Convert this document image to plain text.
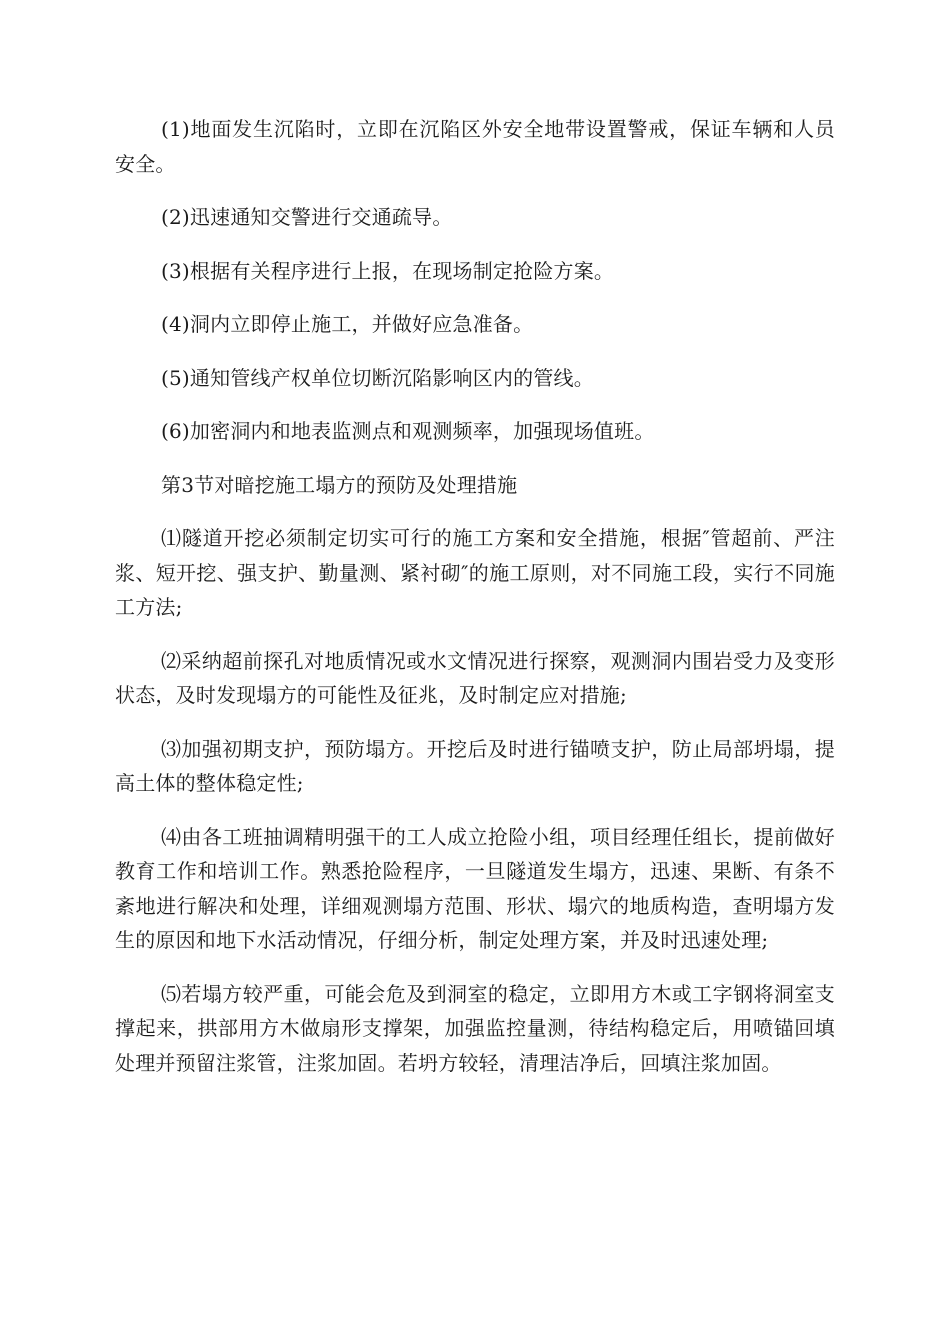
(1)地面发生沉陷时，立即在沉陷区外安全地带设置警戒，保证车辆和人员安全。

(2)迅速通知交警进行交通疏导。

(3)根据有关程序进行上报，在现场制定抢险方案。

(4)洞内立即停止施工，并做好应急准备。

(5)通知管线产权单位切断沉陷影响区内的管线。

(6)加密洞内和地表监测点和观测频率，加强现场值班。

第3节对暗挖施工塌方的预防及处理措施

⑴隧道开挖必须制定切实可行的施工方案和安全措施，根据″管超前、严注浆、短开挖、强支护、勤量测、紧衬砌″的施工原则，对不同施工段，实行不同施工方法;

⑵采纳超前探孔对地质情况或水文情况进行探察，观测洞内围岩受力及变形状态，及时发现塌方的可能性及征兆，及时制定应对措施;

⑶加强初期支护，预防塌方。开挖后及时进行锚喷支护，防止局部坍塌，提高土体的整体稳定性;

⑷由各工班抽调精明强干的工人成立抢险小组，项目经理任组长，提前做好教育工作和培训工作。熟悉抢险程序，一旦隧道发生塌方，迅速、果断、有条不紊地进行解决和处理，详细观测塌方范围、形状、塌穴的地质构造，查明塌方发生的原因和地下水活动情况，仔细分析，制定处理方案，并及时迅速处理;

⑸若塌方较严重，可能会危及到洞室的稳定，立即用方木或工字钢将洞室支撑起来，拱部用方木做扇形支撑架，加强监控量测，待结构稳定后，用喷锚回填处理并预留注浆管，注浆加固。若坍方较轻，清理洁净后，回填注浆加固。
